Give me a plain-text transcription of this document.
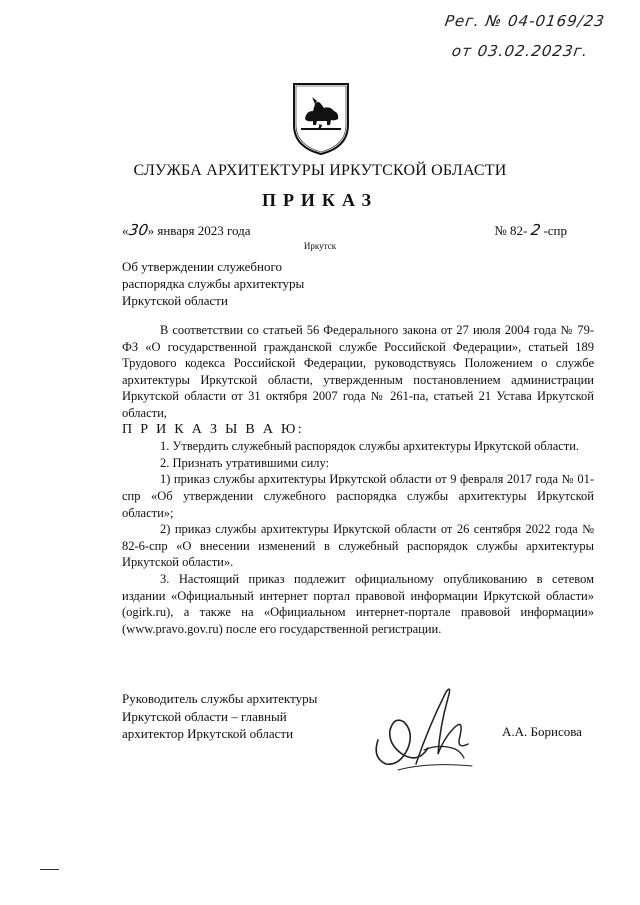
Рег. № 04-0169/23
от 03.02.2023г.
СЛУЖБА АРХИТЕКТУРЫ ИРКУТСКОЙ ОБЛАСТИ
ПРИКАЗ
«30» января 2023 года	№ 82- 2 -спр
Иркутск
Об утверждении служебного
распорядка службы архитектуры
Иркутской области

В соответствии со статьей 56 Федерального закона от 27 июля 2004 года № 79-ФЗ «О государственной гражданской службе Российской Федерации», статьей 189 Трудового кодекса Российской Федерации, руководствуясь Положением о службе архитектуры Иркутской области, утвержденным постановлением администрации Иркутской области от 31 октября 2007 года № 261-па, статьей 21 Устава Иркутской области,

П Р И К А З Ы В А Ю:

1. Утвердить служебный распорядок службы архитектуры Иркутской области.

2. Признать утратившими силу:

1) приказ службы архитектуры Иркутской области от 9 февраля 2017 года № 01-спр «Об утверждении служебного распорядка службы архитектуры Иркутской области»;

2) приказ службы архитектуры Иркутской области от 26 сентября 2022 года № 82-6-спр «О внесении изменений в служебный распорядок службы архитектуры Иркутской области».

3. Настоящий приказ подлежит официальному опубликованию в сетевом издании «Официальный интернет портал правовой информации Иркутской области» (ogirk.ru), а также на «Официальном интернет-портале правовой информации» (www.pravo.gov.ru) после его государственной регистрации.

Руководитель службы архитектуры
Иркутской области – главный
архитектор Иркутской области	А.А. Борисова
